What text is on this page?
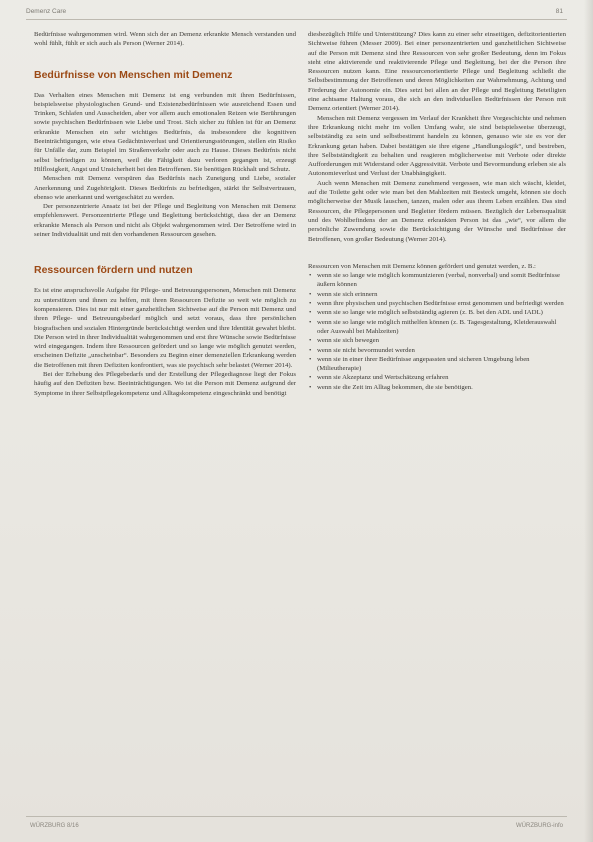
Demenz Care	81

Bedürfnisse wahrgenommen wird. Wenn sich der an Demenz erkrankte Mensch verstanden und wohl fühlt, fühlt er sich auch als Person (Werner 2014).

Bedürfnisse von Menschen mit Demenz

Das Verhalten eines Menschen mit Demenz ist eng verbunden mit ihren Bedürfnissen, beispielsweise physiologischen Grund- und Existenzbedürfnissen wie ausreichend Essen und Trinken, Schlafen und Ausscheiden, aber vor allem auch emotionalen Reizen wie Berührungen sowie psychischen Bedürfnissen wie Liebe und Trost. Sich sicher zu fühlen ist für an Demenz erkrankte Menschen ein sehr wichtiges Bedürfnis, da insbesondere die kognitiven Beeinträchtigungen, wie etwa Gedächtnisverlust und Orientierungsstörungen, stellen ein Risiko für Unfälle dar, zum Beispiel im Straßenverkehr oder auch zu Hause. Dieses Bedürfnis nicht selbst befriedigen zu können, weil die Fähigkeit dazu verloren gegangen ist, erzeugt Hilflosigkeit, Angst und Unsicherheit bei den Betroffenen. Sie benötigen Rückhalt und Schutz.

Menschen mit Demenz verspüren das Bedürfnis nach Zuneigung und Liebe, sozialer Anerkennung und Zugehörigkeit. Dieses Bedürfnis zu befriedigen, stärkt ihr Selbstvertrauen, ebenso wie anerkannt und wertgeschätzt zu werden.

Der personzentrierte Ansatz ist bei der Pflege und Begleitung von Menschen mit Demenz empfehlenswert. Personzentrierte Pflege und Begleitung berücksichtigt, dass der an Demenz erkrankte Mensch als Person und nicht als Objekt wahrgenommen wird. Der Betroffene wird in seiner Individualität und mit den vorhandenen Ressourcen gesehen.

Ressourcen fördern und nutzen

Es ist eine anspruchsvolle Aufgabe für Pflege- und Betreuungspersonen, Menschen mit Demenz zu unterstützen und ihnen zu helfen, mit ihren Ressourcen Defizite so weit wie möglich zu kompensieren. Dies ist nur mit einer ganzheitlichen Sichtweise auf die Person mit Demenz und ihren Pflege- und Betreuungsbedarf möglich und setzt voraus, dass ihre persönlichen biografischen und sozialen Hintergründe berücksichtigt werden und ihre Identität gewahrt bleibt. Die Person wird in ihrer Individualität wahrgenommen und erst ihre Wünsche sowie Bedürfnisse wird eingegangen. Indem ihre Ressourcen gefördert und so lange wie möglich genutzt werden, erscheinen Defizite „unscheinbar“. Besonders zu Beginn einer demenziellen Erkrankung werden die Betroffenen mit ihren Defiziten konfrontiert, was sie psychisch sehr belastet (Werner 2014).

Bei der Erhebung des Pflegebedarfs und der Erstellung der Pflegediagnose liegt der Fokus häufig auf den Defiziten bzw. Beeinträchtigungen. Wo ist die Person mit Demenz aufgrund der Symptome in ihrer Selbstpflegekompetenz und Alltagskompetenz eingeschränkt und benötigt

diesbezüglich Hilfe und Unterstützung? Dies kann zu einer sehr einseitigen, defizitorientierten Sichtweise führen (Messer 2009). Bei einer personzentrierten und ganzheitlichen Sichtweise auf die Person mit Demenz sind ihre Ressourcen von sehr großer Bedeutung, denn im Fokus steht eine aktivierende und reaktivierende Pflege und Begleitung, bei der die Person ihre Ressourcen nutzen kann. Eine ressourcenorientierte Pflege und Begleitung schließt die Selbstbestimmung der Betroffenen und deren Möglichkeiten zur Wahrnehmung, Achtung und Förderung der Autonomie ein. Dies setzt bei allen an der Pflege und Begleitung Beteiligten eine achtsame Haltung voraus, die sich an den individuellen Bedürfnissen der Person mit Demenz orientiert (Werner 2014).

Menschen mit Demenz vergessen im Verlauf der Krankheit ihre Vorgeschichte und nehmen ihre Erkrankung nicht mehr im vollen Umfang wahr, sie sind beispielsweise überzeugt, selbstständig zu sein und selbstbestimmt handeln zu können, genauso wie sie es vor der Erkrankung getan haben. Dabei bestätigen sie ihre eigene „Handlungslogik“, und bestreben, ihre Selbstständigkeit zu behalten und reagieren möglicherweise mit Verbote oder direkte Aufforderungen mit Widerstand oder Aggressivität. Verbote und Bevormundung erleben sie als Autonomieverlust und Verlust der Unabhängigkeit.

Auch wenn Menschen mit Demenz zunehmend vergessen, wie man sich wäscht, kleidet, auf die Toilette geht oder wie man bei den Mahlzeiten mit Besteck umgeht, können sie doch möglicherweise der Musik lauschen, tanzen, malen oder aus ihrem Leben erzählen. Das sind Ressourcen, die Pflegepersonen und Begleiter fördern müssen. Bezüglich der Lebensqualität und des Wohlbefindens der an Demenz erkrankten Person ist das „wie“, vor allem die persönliche Zuwendung sowie die Berücksichtigung der Wünsche und Bedürfnisse der Betroffenen, von großer Bedeutung (Werner 2014).

Ressourcen von Menschen mit Demenz können gefördert und genutzt werden, z. B.:

• wenn sie so lange wie möglich kommunizieren (verbal, nonverbal) und somit Bedürfnisse äußern können
• wenn sie sich erinnern
• wenn ihre physischen und psychischen Bedürfnisse ernst genommen und befriedigt werden
• wenn sie so lange wie möglich selbstständig agieren (z. B. bei den ADL und IADL)
• wenn sie so lange wie möglich mithelfen können (z. B. Tagesgestaltung, Kleiderauswahl oder Auswahl bei Mahlzeiten)
• wenn sie sich bewegen
• wenn sie nicht bevormundet werden
• wenn sie in einer ihrer Bedürfnisse angepassten und sicheren Umgebung leben (Milieutherapie)
• wenn sie Akzeptanz und Wertschätzung erfahren
• wenn sie die Zeit im Alltag bekommen, die sie benötigen.
WÜRZBURG 8/16	WÜRZBURG-info
